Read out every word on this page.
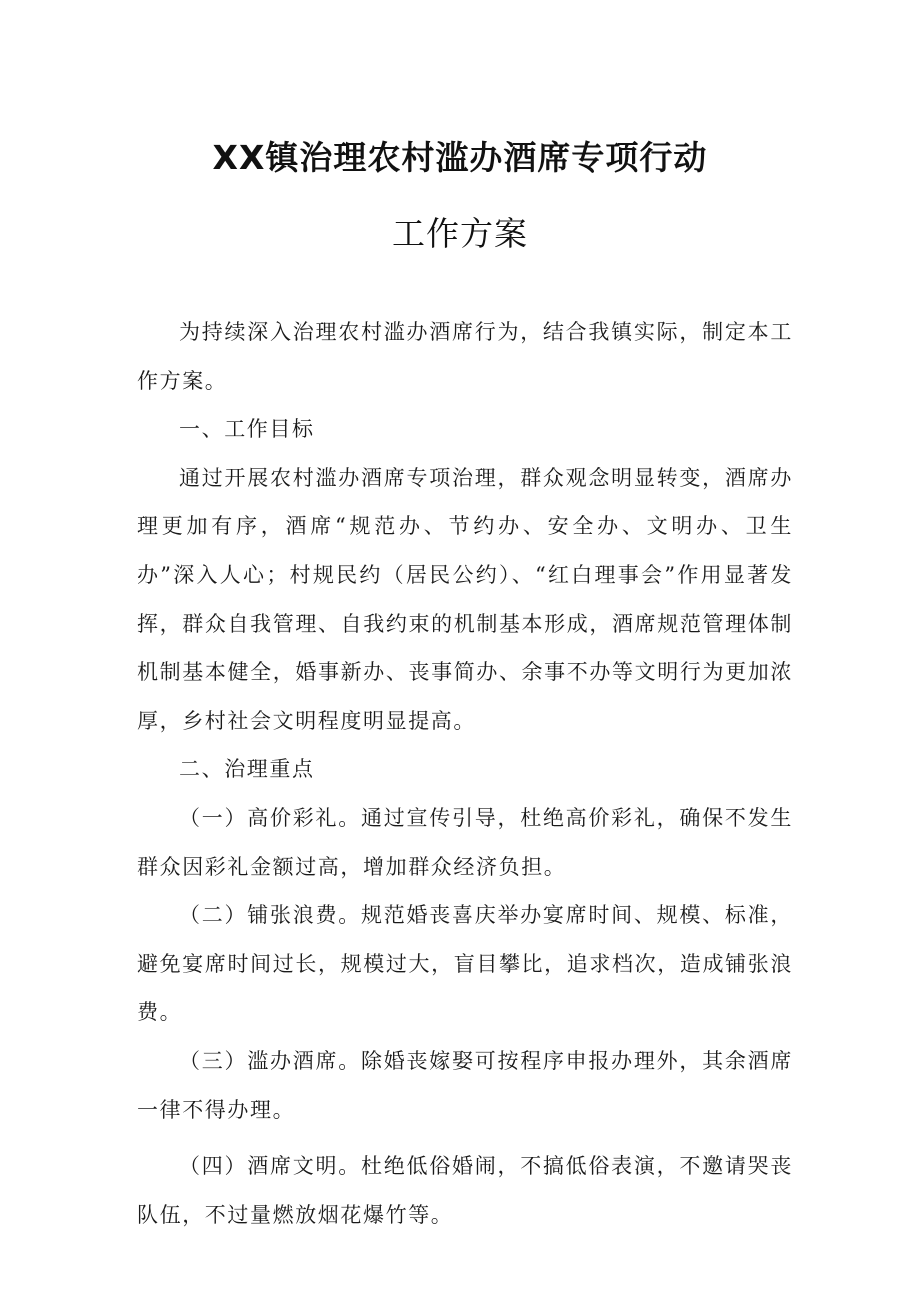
XX镇治理农村滥办酒席专项行动
工作方案

为持续深入治理农村滥办酒席行为，结合我镇实际，制定本工作方案。

一、工作目标

通过开展农村滥办酒席专项治理，群众观念明显转变，酒席办理更加有序，酒席“规范办、节约办、安全办、文明办、卫生办”深入人心；村规民约（居民公约）、“红白理事会”作用显著发挥，群众自我管理、自我约束的机制基本形成，酒席规范管理体制机制基本健全，婚事新办、丧事简办、余事不办等文明行为更加浓厚，乡村社会文明程度明显提高。

二、治理重点

（一）高价彩礼。通过宣传引导，杜绝高价彩礼，确保不发生群众因彩礼金额过高，增加群众经济负担。

（二）铺张浪费。规范婚丧喜庆举办宴席时间、规模、标准，避免宴席时间过长，规模过大，盲目攀比，追求档次，造成铺张浪费。

（三）滥办酒席。除婚丧嫁娶可按程序申报办理外，其余酒席一律不得办理。

（四）酒席文明。杜绝低俗婚闹，不搞低俗表演，不邀请哭丧队伍，不过量燃放烟花爆竹等。
